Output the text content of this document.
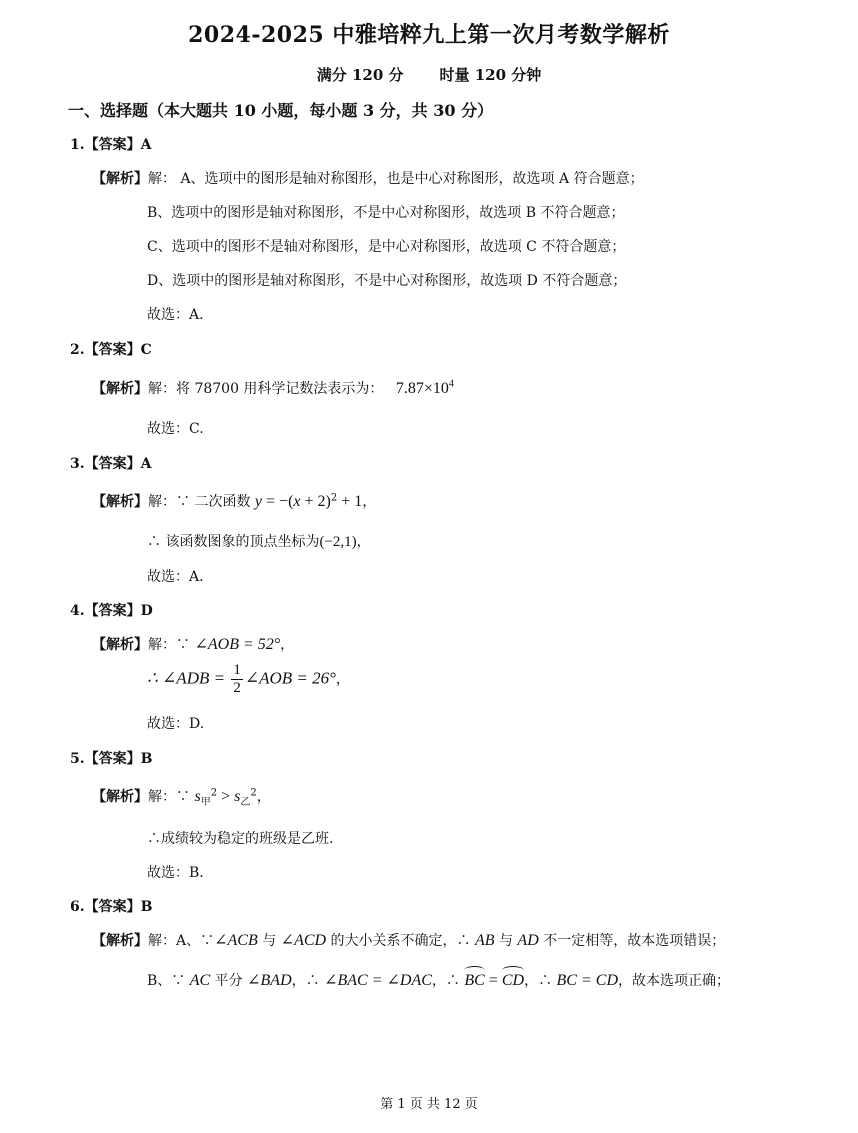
2024-2025 中雅培粹九上第一次月考数学解析
满分 120 分 时量 120 分钟
一、选择题（本大题共 10 小题，每小题 3 分，共 30 分）
1.【答案】A
【解析】解： A、选项中的图形是轴对称图形，也是中心对称图形，故选项 A 符合题意；
B、选项中的图形是轴对称图形，不是中心对称图形，故选项 B 不符合题意；
C、选项中的图形不是轴对称图形，是中心对称图形，故选项 C 不符合题意；
D、选项中的图形是轴对称图形，不是中心对称图形，故选项 D 不符合题意；
故选：A.
2.【答案】C
【解析】解：将 78700 用科学记数法表示为： $7.87\times 10^4$
故选：C.
3.【答案】A
【解析】解：∵ 二次函数 $y = -(x + 2)^2 + 1$，
∴ 该函数图象的顶点坐标为(−2,1)，
故选：A.
4.【答案】D
【解析】解：∵ ∠AOB = 52°，
∴ ∠ADB = $\frac{1}{2}$ ∠AOB = 26°，
故选：D.
5.【答案】B
【解析】解：∵ $s_甲^2 > s_乙^2$，
∴成绩较为稳定的班级是乙班.
故选：B.
6.【答案】B
【解析】解：A、∵∠ACB 与 ∠ACD 的大小关系不确定，∴ AB 与 AD 不一定相等，故本选项错误；
B、∵ AC 平分 ∠BAD，∴ ∠BAC = ∠DAC，∴ BC = CD，∴ BC = CD，故本选项正确；
第 1 页 共 12 页
